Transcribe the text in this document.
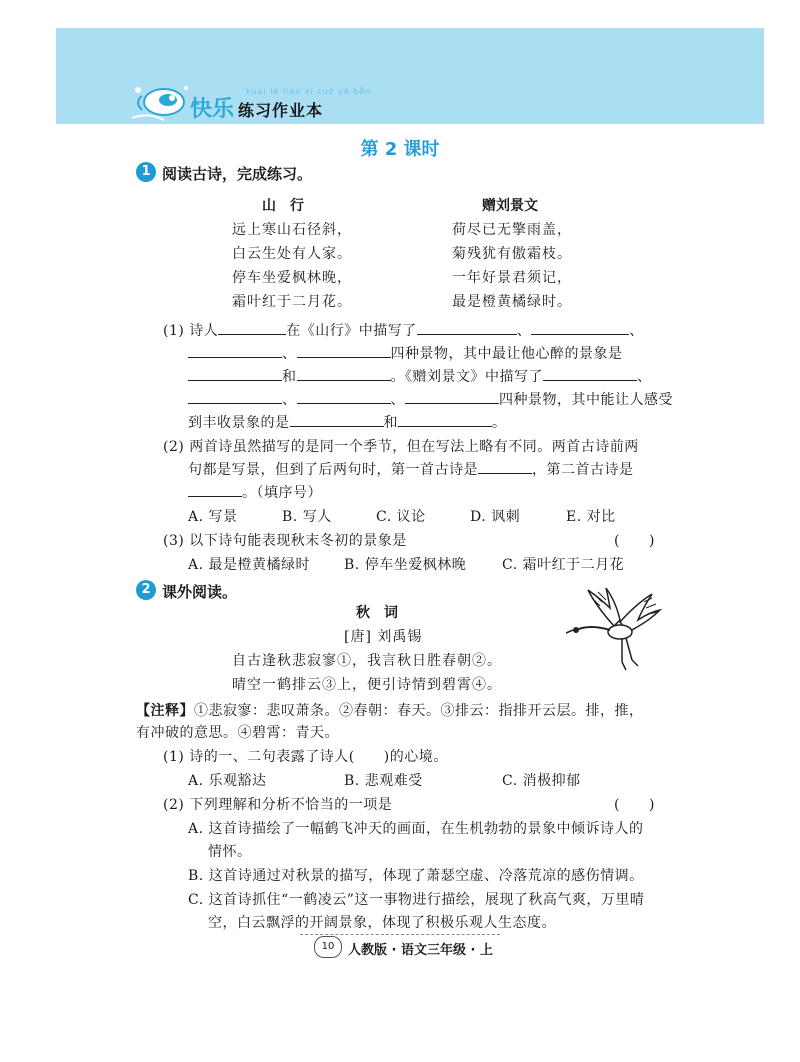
快乐
kuài lè liàn xí zuò yè běn
练习作业本
第 2 课时
1 阅读古诗，完成练习。
山　行
远上寒山石径斜，
白云生处有人家。
停车坐爱枫林晚，
霜叶红于二月花。
赠刘景文
荷尽已无擎雨盖，
菊残犹有傲霜枝。
一年好景君须记，
最是橙黄橘绿时。
(1) 诗人	在《山行》中描写了	、	、
、	四种景物，其中最让他心醉的景象是
和	。《赠刘景文》中描写了	、
、	、	四种景物，其中能让人感受
到丰收景象的是	和	。
(2) 两首诗虽然描写的是同一个季节，但在写法上略有不同。两首古诗前两
句都是写景，但到了后两句时，第一首古诗是	，第二首古诗是
。（填序号）
A. 写景	B. 写人	C. 议论	D. 讽刺	E. 对比
(3) 以下诗句能表现秋末冬初的景象是	(　　)
A. 最是橙黄橘绿时 B. 停车坐爱枫林晚	C. 霜叶红于二月花
2 课外阅读。
秋　词
[唐] 刘禹锡
自古逢秋悲寂寥①，我言秋日胜春朝②。
晴空一鹤排云③上，便引诗情到碧霄④。
【注释】①悲寂寥：悲叹萧条。②春朝：春天。③排云：指排开云层。排，推，
有冲破的意思。④碧霄：青天。
(1) 诗的一、二句表露了诗人(　　)的心境。
A. 乐观豁达	B. 悲观难受	C. 消极抑郁
(2) 下列理解和分析不恰当的一项是	(　　)
A. 这首诗描绘了一幅鹤飞冲天的画面，在生机勃勃的景象中倾诉诗人的
情怀。
B. 这首诗通过对秋景的描写，体现了萧瑟空虚、冷落荒凉的感伤情调。
C. 这首诗抓住“一鹤凌云”这一事物进行描绘，展现了秋高气爽，万里晴
空，白云飘浮的开阔景象，体现了积极乐观人生态度。
10	人教版 · 语文三年级 · 上
